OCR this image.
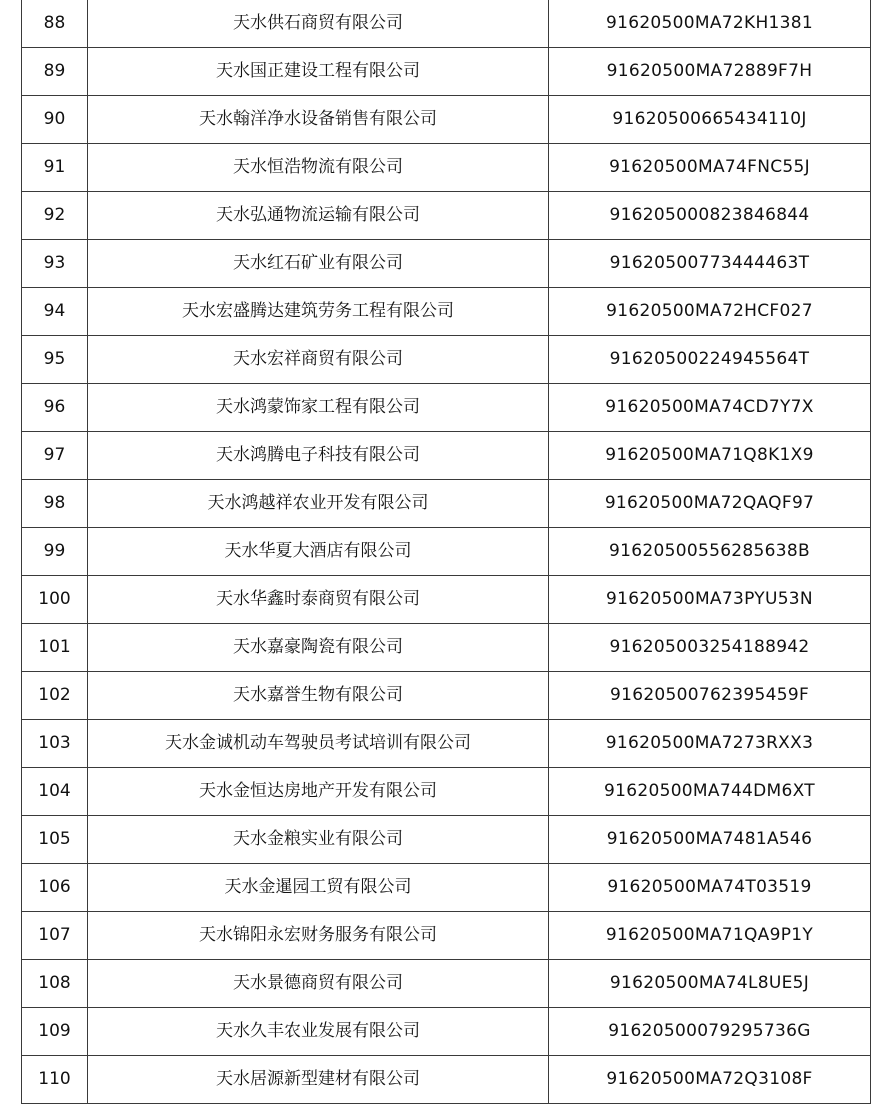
88	天水供石商贸有限公司	91620500MA72KH1381
89	天水国正建设工程有限公司	91620500MA72889F7H
90	天水翰洋净水设备销售有限公司	91620500665434110J
91	天水恒浩物流有限公司	91620500MA74FNC55J
92	天水弘通物流运输有限公司	916205000823846844
93	天水红石矿业有限公司	91620500773444463T
94	天水宏盛腾达建筑劳务工程有限公司	91620500MA72HCF027
95	天水宏祥商贸有限公司	91620500224945564T
96	天水鸿蒙饰家工程有限公司	91620500MA74CD7Y7X
97	天水鸿腾电子科技有限公司	91620500MA71Q8K1X9
98	天水鸿越祥农业开发有限公司	91620500MA72QAQF97
99	天水华夏大酒店有限公司	91620500556285638B
100	天水华鑫时泰商贸有限公司	91620500MA73PYU53N
101	天水嘉豪陶瓷有限公司	916205003254188942
102	天水嘉誉生物有限公司	91620500762395459F
103	天水金诚机动车驾驶员考试培训有限公司	91620500MA7273RXX3
104	天水金恒达房地产开发有限公司	91620500MA744DM6XT
105	天水金粮实业有限公司	91620500MA7481A546
106	天水金暹园工贸有限公司	91620500MA74T03519
107	天水锦阳永宏财务服务有限公司	91620500MA71QA9P1Y
108	天水景德商贸有限公司	91620500MA74L8UE5J
109	天水久丰农业发展有限公司	91620500079295736G
110	天水居源新型建材有限公司	91620500MA72Q3108F
